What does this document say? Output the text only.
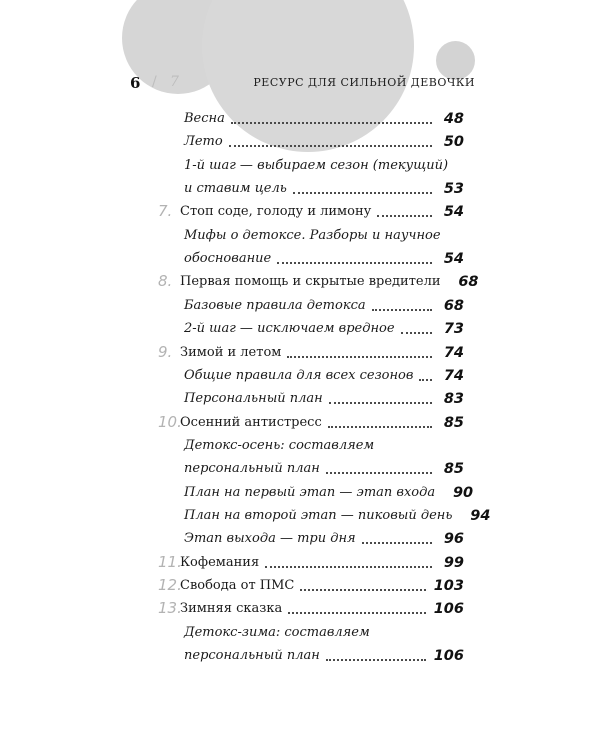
6 / 7	РЕСУРС ДЛЯ СИЛЬНОЙ ДЕВОЧКИ
Весна	48
Лето	50
1-й шаг — выбираем сезон (текущий)
и ставим цель	53
7. Стоп соде, голоду и лимону	54
Мифы о детоксе. Разборы и научное
обоснование	54
8. Первая помощь и скрытые вредители 68
Базовые правила детокса	68
2-й шаг — исключаем вредное	73
9. Зимой и летом	74
Общие правила для всех сезонов 74
Персональный план	83
10.
Осенний антистресс	85
Детокс-осень: составляем
персональный план	85
План на первый этап — этап входа 90
План на второй этап — пиковый день 94
Этап выхода — три дня	96
11.
Кофемания	99
12.
Свобода от ПМС	103
13.
Зимняя сказка	106
Детокс-зима: составляем
персональный план	106
